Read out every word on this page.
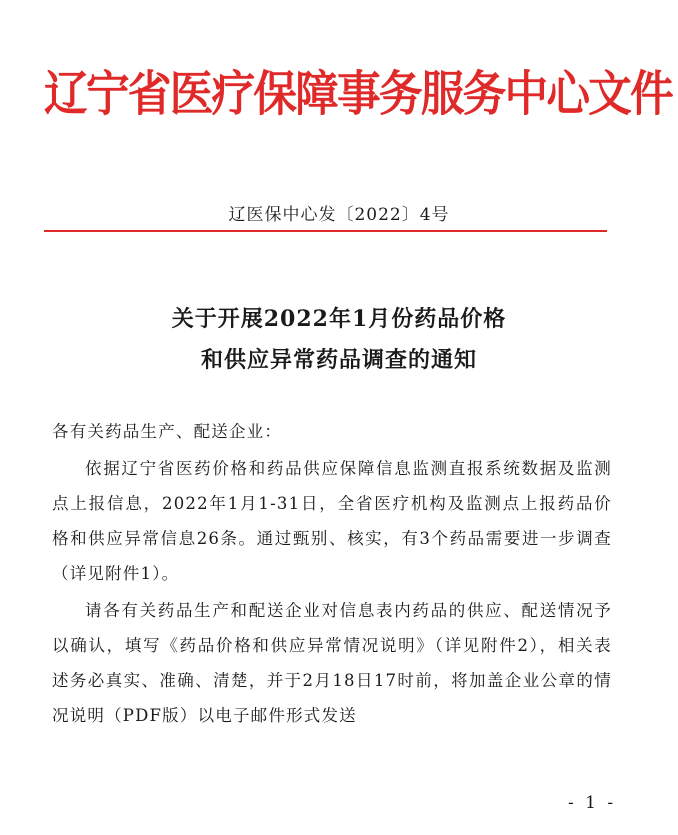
辽宁省医疗保障事务服务中心文件
辽医保中心发〔2022〕4号
关于开展2022年1月份药品价格
和供应异常药品调查的通知
各有关药品生产、配送企业：
依据辽宁省医药价格和药品供应保障信息监测直报系统数据及监测点上报信息，2022年1月1-31日，全省医疗机构及监测点上报药品价格和供应异常信息26条。通过甄别、核实，有3个药品需要进一步调查（详见附件1）。
请各有关药品生产和配送企业对信息表内药品的供应、配送情况予以确认，填写《药品价格和供应异常情况说明》（详见附件2），相关表述务必真实、准确、清楚，并于2月18日17时前，将加盖企业公章的情况说明（PDF版）以电子邮件形式发送
- 1 -
